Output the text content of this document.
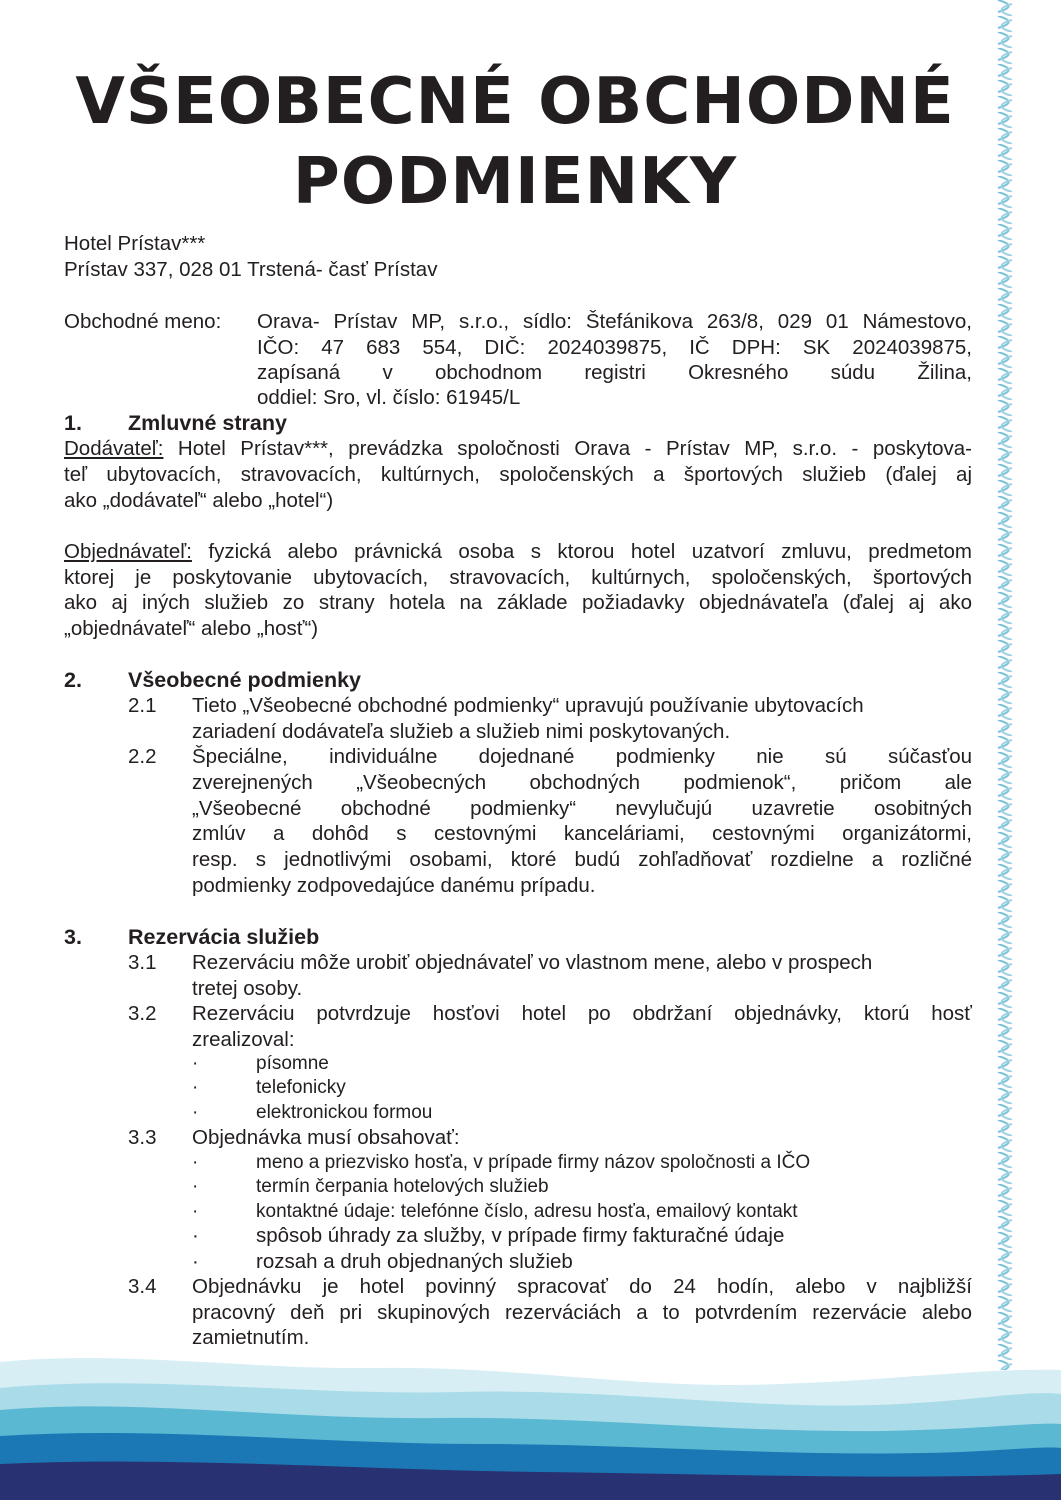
VŠEOBECNÉ OBCHODNÉ
PODMIENKY
Hotel Prístav***
Prístav 337, 028 01 Trstená- časť Prístav
Obchodné meno: Orava- Prístav MP, s.r.o., sídlo: Štefánikova 263/8, 029 01 Námestovo,
IČO: 47 683 554, DIČ: 2024039875, IČ DPH: SK 2024039875,
zapísaná v obchodnom registri Okresného súdu Žilina,
oddiel: Sro, vl. číslo: 61945/L
1. Zmluvné strany
Dodávateľ: Hotel Prístav***, prevádzka spoločnosti Orava - Prístav MP, s.r.o. - poskytova-
teľ ubytovacích, stravovacích, kultúrnych, spoločenských a športových služieb (ďalej aj
ako „dodávateľ“ alebo „hotel“)
Objednávateľ: fyzická alebo právnická osoba s ktorou hotel uzatvorí zmluvu, predmetom
ktorej je poskytovanie ubytovacích, stravovacích, kultúrnych, spoločenských, športových
ako aj iných služieb zo strany hotela na základe požiadavky objednávateľa (ďalej aj ako
„objednávateľ“ alebo „hosť“)
2. Všeobecné podmienky
2.1 Tieto „Všeobecné obchodné podmienky“ upravujú používanie ubytovacích
zariadení dodávateľa služieb a služieb nimi poskytovaných.
2.2 Špeciálne, individuálne dojednané podmienky nie sú súčasťou
zverejnených „Všeobecných obchodných podmienok“, pričom ale
„Všeobecné obchodné podmienky“ nevylučujú uzavretie osobitných
zmlúv a dohôd s cestovnými kanceláriami, cestovnými organizátormi,
resp. s jednotlivými osobami, ktoré budú zohľadňovať rozdielne a rozličné
podmienky zodpovedajúce danému prípadu.
3. Rezervácia služieb
3.1 Rezerváciu môže urobiť objednávateľ vo vlastnom mene, alebo v prospech
tretej osoby.
3.2 Rezerváciu potvrdzuje hosťovi hotel po obdržaní objednávky, ktorú hosť
zrealizoval:
·	písomne
·	telefonicky
·	elektronickou formou
3.3 Objednávka musí obsahovať:
·	meno a priezvisko hosťa, v prípade firmy názov spoločnosti a IČO
·	termín čerpania hotelových služieb
·	kontaktné údaje: telefónne číslo, adresu hosťa, emailový kontakt
·	spôsob úhrady za služby, v prípade firmy fakturačné údaje
·	rozsah a druh objednaných služieb
3.4 Objednávku je hotel povinný spracovať do 24 hodín, alebo v najbližší
pracovný deň pri skupinových rezerváciách a to potvrdením rezervácie alebo
zamietnutím.
